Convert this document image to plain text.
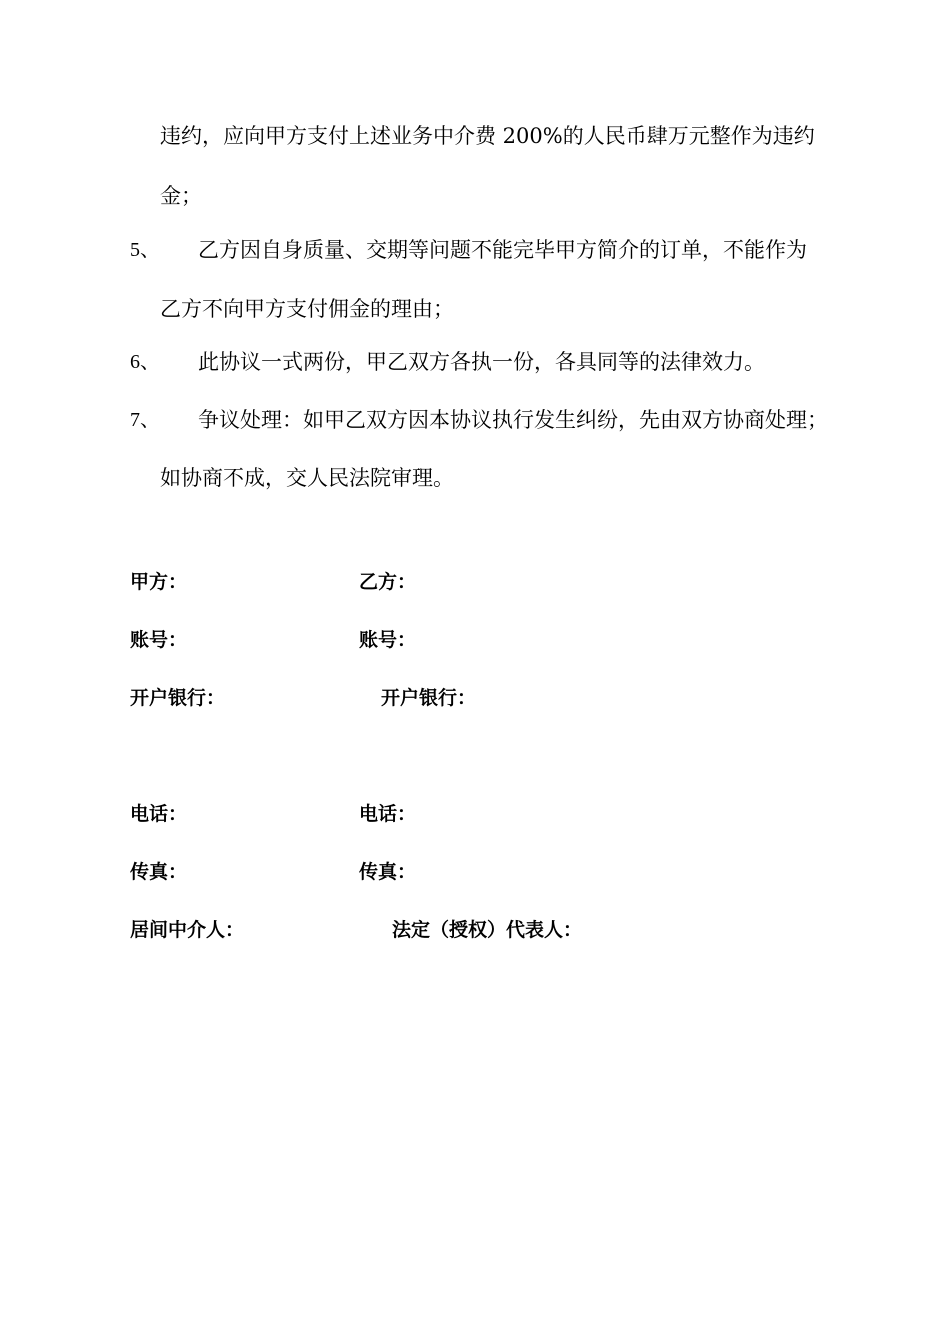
违约，应向甲方支付上述业务中介费 200%的人民币肆万元整作为违约
金；
5、 乙方因自身质量、交期等问题不能完毕甲方简介的订单，不能作为
乙方不向甲方支付佣金的理由；
6、 此协议一式两份，甲乙双方各执一份，各具同等的法律效力。
7、 争议处理：如甲乙双方因本协议执行发生纠纷，先由双方协商处理；
如协商不成，交人民法院审理。
甲方：	乙方：
账号：	账号：
开户银行：	开户银行：
电话：	电话：
传真：	传真：
居间中介人：	法定（授权）代表人：
